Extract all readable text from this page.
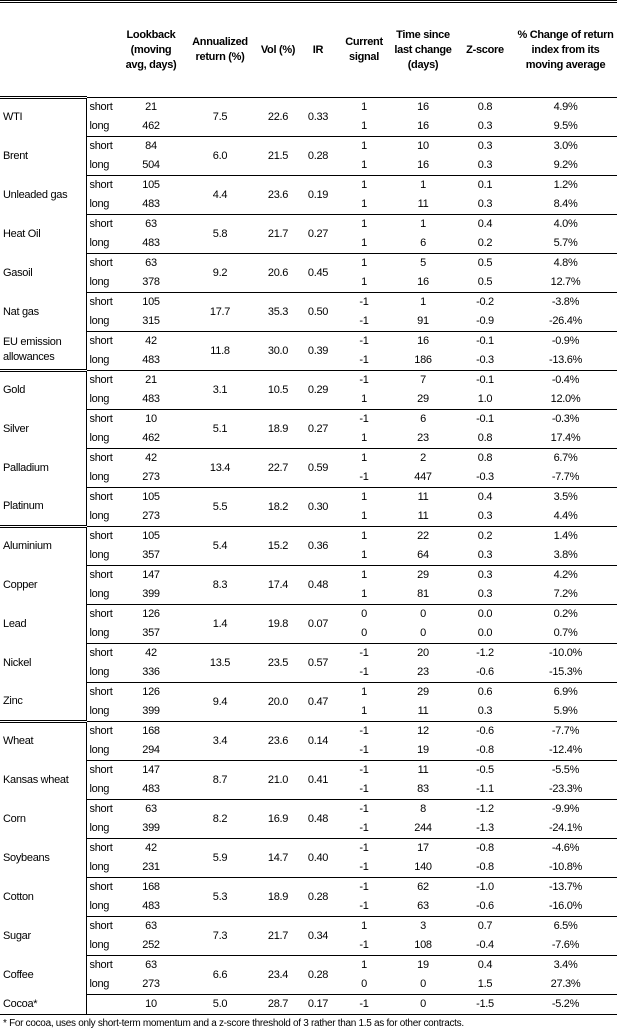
		Lookback (moving avg, days)	Annualized return (%)	Vol (%)	IR	Current signal	Time since last change (days)	Z-score	% Change of return index from its moving average
WTI	short	21	7.5	22.6	0.33	1	16	0.8	4.9%
	long	462				1	16	0.3	9.5%
Brent	short	84	6.0	21.5	0.28	1	10	0.3	3.0%
	long	504				1	16	0.3	9.2%
Unleaded gas	short	105	4.4	23.6	0.19	1	1	0.1	1.2%
	long	483				1	11	0.3	8.4%
Heat Oil	short	63	5.8	21.7	0.27	1	1	0.4	4.0%
	long	483				1	6	0.2	5.7%
Gasoil	short	63	9.2	20.6	0.45	1	5	0.5	4.8%
	long	378				1	16	0.5	12.7%
Nat gas	short	105	17.7	35.3	0.50	-1	1	-0.2	-3.8%
	long	315				-1	91	-0.9	-26.4%
EU emission allowances	short	42	11.8	30.0	0.39	-1	16	-0.1	-0.9%
	long	483				-1	186	-0.3	-13.6%
Gold	short	21	3.1	10.5	0.29	-1	7	-0.1	-0.4%
	long	483				1	29	1.0	12.0%
Silver	short	10	5.1	18.9	0.27	-1	6	-0.1	-0.3%
	long	462				1	23	0.8	17.4%
Palladium	short	42	13.4	22.7	0.59	1	2	0.8	6.7%
	long	273				-1	447	-0.3	-7.7%
Platinum	short	105	5.5	18.2	0.30	1	11	0.4	3.5%
	long	273				1	11	0.3	4.4%
Aluminium	short	105	5.4	15.2	0.36	1	22	0.2	1.4%
	long	357				1	64	0.3	3.8%
Copper	short	147	8.3	17.4	0.48	1	29	0.3	4.2%
	long	399				1	81	0.3	7.2%
Lead	short	126	1.4	19.8	0.07	0	0	0.0	0.2%
	long	357				0	0	0.0	0.7%
Nickel	short	42	13.5	23.5	0.57	-1	20	-1.2	-10.0%
	long	336				-1	23	-0.6	-15.3%
Zinc	short	126	9.4	20.0	0.47	1	29	0.6	6.9%
	long	399				1	11	0.3	5.9%
Wheat	short	168	3.4	23.6	0.14	-1	12	-0.6	-7.7%
	long	294				-1	19	-0.8	-12.4%
Kansas wheat	short	147	8.7	21.0	0.41	-1	11	-0.5	-5.5%
	long	483				-1	83	-1.1	-23.3%
Corn	short	63	8.2	16.9	0.48	-1	8	-1.2	-9.9%
	long	399				-1	244	-1.3	-24.1%
Soybeans	short	42	5.9	14.7	0.40	-1	17	-0.8	-4.6%
	long	231				-1	140	-0.8	-10.8%
Cotton	short	168	5.3	18.9	0.28	-1	62	-1.0	-13.7%
	long	483				-1	63	-0.6	-16.0%
Sugar	short	63	7.3	21.7	0.34	1	3	0.7	6.5%
	long	252				-1	108	-0.4	-7.6%
Coffee	short	63	6.6	23.4	0.28	1	19	0.4	3.4%
	long	273				0	0	1.5	27.3%
Cocoa*		10	5.0	28.7	0.17	-1	0	-1.5	-5.2%
* For cocoa, uses only short-term momentum and a z-score threshold of 3 rather than 1.5 as for other contracts.
